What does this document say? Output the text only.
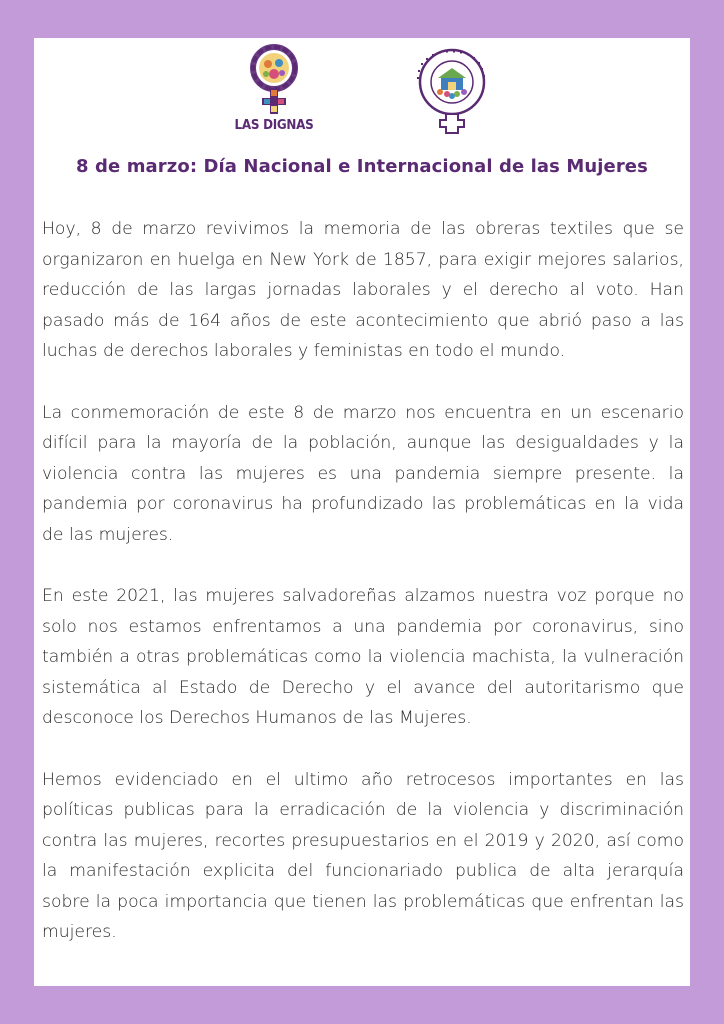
LAS DIGNAS
8 de marzo: Día Nacional e Internacional de las Mujeres

Hoy, 8 de marzo revivimos la memoria de las obreras textiles que se organizaron en huelga en New York de 1857, para exigir mejores salarios, reducción de las largas jornadas laborales y el derecho al voto. Han pasado más de 164 años de este acontecimiento que abrió paso a las luchas de derechos laborales y feministas en todo el mundo.

La conmemoración de este 8 de marzo nos encuentra en un escenario difícil para la mayoría de la población, aunque las desigualdades y la violencia contra las mujeres es una pandemia siempre presente. la pandemia por coronavirus ha profundizado las problemáticas en la vida de las mujeres.

En este 2021, las mujeres salvadoreñas alzamos nuestra voz porque no solo nos estamos enfrentamos a una pandemia por coronavirus, sino también a otras problemáticas como la violencia machista, la vulneración sistemática al Estado de Derecho y el avance del autoritarismo que desconoce los Derechos Humanos de las Mujeres.

Hemos evidenciado en el ultimo año retrocesos importantes en las políticas publicas para la erradicación de la violencia y discriminación contra las mujeres, recortes presupuestarios en el 2019 y 2020, así como la manifestación explicita del funcionariado publica de alta jerarquía sobre la poca importancia que tienen las problemáticas que enfrentan las mujeres.
